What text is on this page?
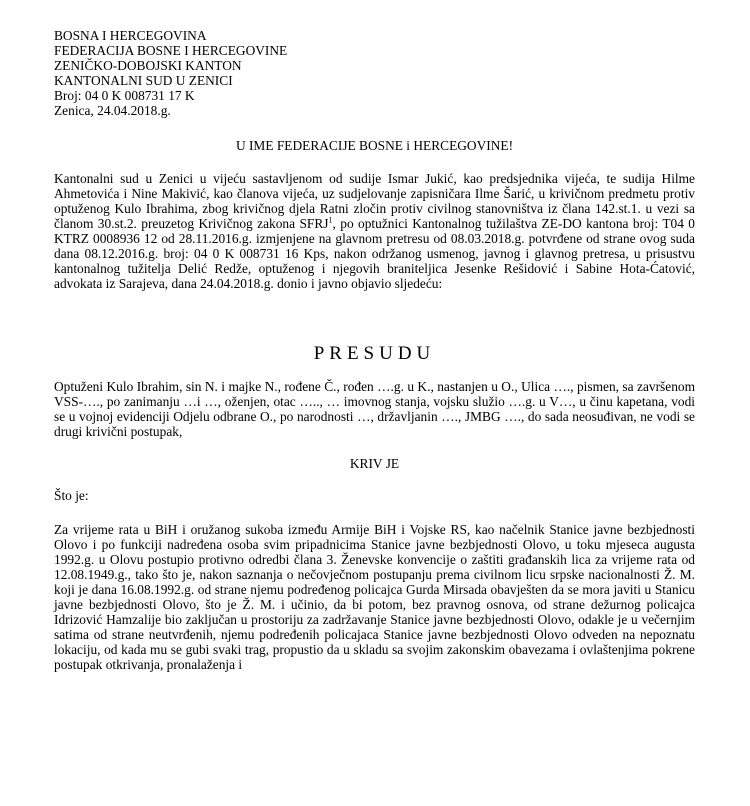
BOSNA I HERCEGOVINA
FEDERACIJA BOSNE I HERCEGOVINE
ZENIČKO-DOBOJSKI KANTON
KANTONALNI SUD U ZENICI
Broj: 04 0 K 008731 17 K
Zenica, 24.04.2018.g.
U IME FEDERACIJE BOSNE i HERCEGOVINE!
Kantonalni sud u Zenici u vijeću sastavljenom od sudije Ismar Jukić, kao predsjednika vijeća, te sudija Hilme Ahmetovića i Nine Makivić, kao članova vijeća, uz sudjelovanje zapisničara Ilme Šarić, u krivičnom predmetu protiv optuženog Kulo Ibrahima, zbog krivičnog djela Ratni zločin protiv civilnog stanovništva iz člana 142.st.1. u vezi sa članom 30.st.2. preuzetog Krivičnog zakona SFRJ$^1$, po optužnici Kantonalnog tužilaštva ZE-DO kantona broj: T04 0 KTRZ 0008936 12 od 28.11.2016.g. izmjenjene na glavnom pretresu od 08.03.2018.g. potvrđene od strane ovog suda dana 08.12.2016.g. broj: 04 0 K 008731 16 Kps, nakon održanog usmenog, javnog i glavnog pretresa, u prisustvu kantonalnog tužitelja Delić Redže, optuženog i njegovih braniteljica Jesenke Rešidović i Sabine Hota-Ćatović, advokata iz Sarajeva, dana 24.04.2018.g. donio i javno objavio sljedeću:
PRESUDU
Optuženi Kulo Ibrahim, sin N. i majke N., rođene Č., rođen ….g. u K., nastanjen u O., Ulica …., pismen, sa završenom VSS-…., po zanimanju …i …, oženjen, otac ….., … imovnog stanja, vojsku služio ….g. u V…, u činu kapetana, vodi se u vojnoj evidenciji Odjelu odbrane O., po narodnosti …, državljanin …., JMBG …., do sada neosuđivan, ne vodi se drugi krivični postupak,
KRIV JE
Što je:
Za vrijeme rata u BiH i oružanog sukoba između Armije BiH i Vojske RS, kao načelnik Stanice javne bezbjednosti Olovo i po funkciji nadređena osoba svim pripadnicima Stanice javne bezbjednosti Olovo, u toku mjeseca augusta 1992.g. u Olovu postupio protivno odredbi člana 3. Ženevske konvencije o zaštiti građanskih lica za vrijeme rata od 12.08.1949.g., tako što je, nakon saznanja o nečovječnom postupanju prema civilnom licu srpske nacionalnosti Ž. M. koji je dana 16.08.1992.g. od strane njemu podređenog policajca Gurda Mirsada obavješten da se mora javiti u Stanicu javne bezbjednosti Olovo, što je Ž. M. i učinio, da bi potom, bez pravnog osnova, od strane dežurnog policajca Idrizović Hamzalije bio zaključan u prostoriju za zadržavanje Stanice javne bezbjednosti Olovo, odakle je u večernjim satima od strane neutvrđenih, njemu podređenih policajaca Stanice javne bezbjednosti Olovo odveden na nepoznatu lokaciju, od kada mu se gubi svaki trag, propustio da u skladu sa svojim zakonskim obavezama i ovlaštenjima pokrene postupak otkrivanja, pronalaženja i
